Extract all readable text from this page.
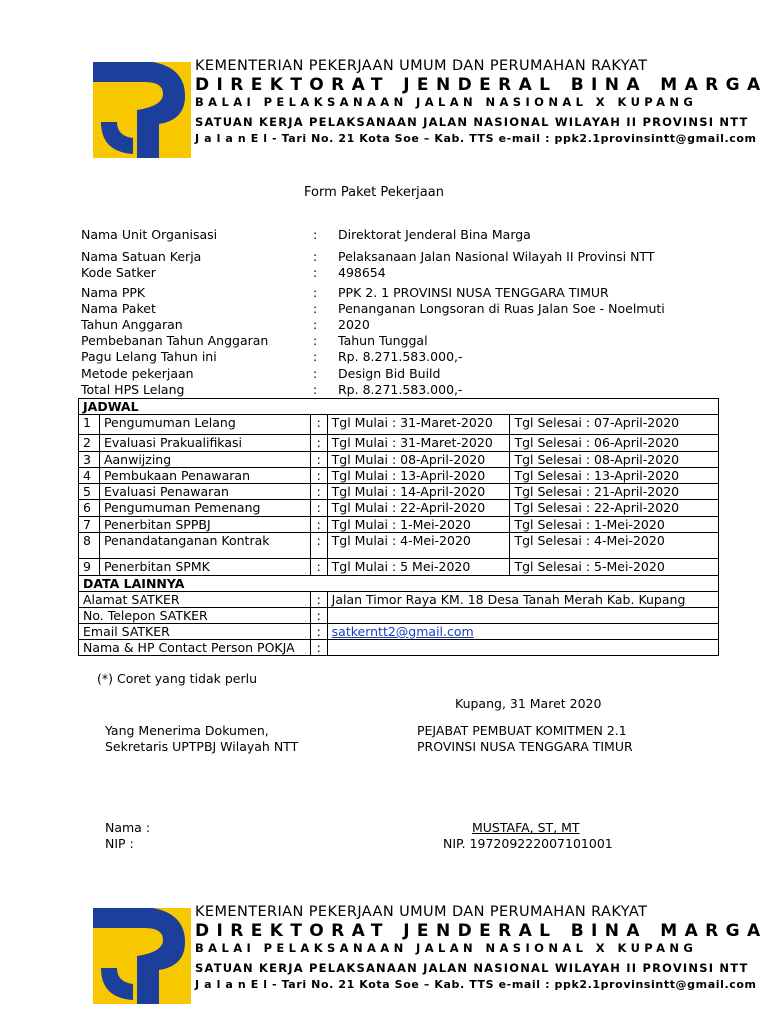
KEMENTERIAN PEKERJAAN UMUM DAN PERUMAHAN RAKYAT
DIREKTORAT JENDERAL BINA MARGA
BALAI PELAKSANAAN JALAN NASIONAL X KUPANG
SATUAN KERJA PELAKSANAAN JALAN NASIONAL WILAYAH II PROVINSI NTT
J a l a n E l - Tari No. 21 Kota Soe – Kab. TTS e-mail : ppk2.1provinsintt@gmail.com
Form Paket Pekerjaan
Nama Unit Organisasi	: Direktorat Jenderal Bina Marga
Nama Satuan Kerja	: Pelaksanaan Jalan Nasional Wilayah II Provinsi NTT
Kode Satker	: 498654
Nama PPK	: PPK 2. 1 PROVINSI NUSA TENGGARA TIMUR
Nama Paket	: Penanganan Longsoran di Ruas Jalan Soe - Noelmuti
Tahun Anggaran	: 2020
Pembebanan Tahun Anggaran	: Tahun Tunggal
Pagu Lelang Tahun ini	: Rp. 8.271.583.000,-
Metode pekerjaan	: Design Bid Build
Total HPS Lelang	: Rp. 8.271.583.000,-
JADWAL				
1	Pengumuman Lelang	:	Tgl Mulai : 31-Maret-2020	Tgl Selesai : 07-April-2020
2	Evaluasi Prakualifikasi	:	Tgl Mulai : 31-Maret-2020	Tgl Selesai : 06-April-2020
3	Aanwijzing	:	Tgl Mulai : 08-April-2020	Tgl Selesai : 08-April-2020
4	Pembukaan Penawaran	:	Tgl Mulai : 13-April-2020	Tgl Selesai : 13-April-2020
5	Evaluasi Penawaran	:	Tgl Mulai : 14-April-2020	Tgl Selesai : 21-April-2020
6	Pengumuman Pemenang	:	Tgl Mulai : 22-April-2020	Tgl Selesai : 22-April-2020
7	Penerbitan SPPBJ	:	Tgl Mulai : 1-Mei-2020	Tgl Selesai : 1-Mei-2020
8	Penandatanganan Kontrak	:	Tgl Mulai : 4-Mei-2020	Tgl Selesai : 4-Mei-2020
9	Penerbitan SPMK	:	Tgl Mulai : 5 Mei-2020	Tgl Selesai : 5-Mei-2020
DATA LAINNYA				
Alamat SATKER		:	Jalan Timor Raya KM. 18 Desa Tanah Merah Kab. Kupang	
No. Telepon SATKER		:		
Email SATKER		:	satkerntt2@gmail.com	
Nama & HP Contact Person POKJA		:		
(*) Coret yang tidak perlu
Kupang, 31 Maret 2020
Yang Menerima Dokumen,
Sekretaris UPTPBJ Wilayah NTT
PEJABAT PEMBUAT KOMITMEN 2.1
PROVINSI NUSA TENGGARA TIMUR
Nama :
NIP :
MUSTAFA, ST, MT
NIP. 197209222007101001
KEMENTERIAN PEKERJAAN UMUM DAN PERUMAHAN RAKYAT
DIREKTORAT JENDERAL BINA MARGA
BALAI PELAKSANAAN JALAN NASIONAL X KUPANG
SATUAN KERJA PELAKSANAAN JALAN NASIONAL WILAYAH II PROVINSI NTT
J a l a n E l - Tari No. 21 Kota Soe – Kab. TTS e-mail : ppk2.1provinsintt@gmail.com
